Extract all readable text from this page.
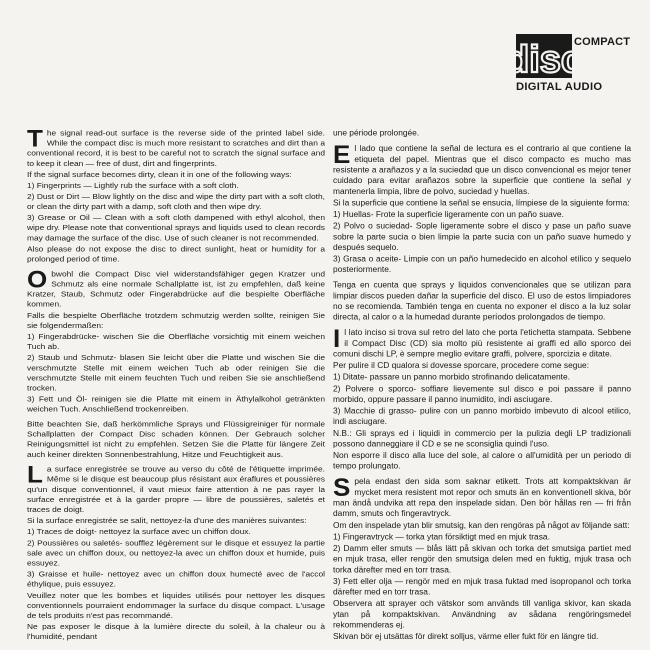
disc
COMPACT
DIGITAL AUDIO

The signal read-out surface is the reverse side of the printed label side. While the compact disc is much more resistant to scratches and dirt than a conventional record, it is best to be careful not to scratch the signal surface and to keep it clean — free of dust, dirt and fingerprints.

If the signal surface becomes dirty, clean it in one of the following ways:

1) Fingerprints — Lightly rub the surface with a soft cloth.

2) Dust or Dirt — Blow lightly on the disc and wipe the dirty part with a soft cloth, or clean the dirty part with a damp, soft cloth and then wipe dry.

3) Grease or Oil — Clean with a soft cloth dampened with ethyl alcohol, then wipe dry. Please note that conventional sprays and liquids used to clean records may damage the surface of the disc. Use of such cleaner is not recommended.

Also please do not expose the disc to direct sunlight, heat or humidity for a prolonged period of time.

Obwohl die Compact Disc viel widerstandsfähiger gegen Kratzer und Schmutz als eine normale Schallplatte ist, ist zu empfehlen, daß keine Kratzer, Staub, Schmutz oder Fingerabdrücke auf die bespielte Oberfläche kommen.

Falls die bespielte Oberfläche trotzdem schmutzig werden sollte, reinigen Sie sie folgendermaßen:

1) Fingerabdrücke- wischen Sie die Oberfläche vorsichtig mit einem weichen Tuch ab.

2) Staub und Schmutz- blasen Sie leicht über die Platte und wischen Sie die verschmutzte Stelle mit einem weichen Tuch ab oder reinigen Sie die verschmutzte Stelle mit einem feuchten Tuch und reiben Sie sie anschließend trocken.

3) Fett und Öl- reinigen sie die Platte mit einem in Äthylalkohol getränkten weichen Tuch. Anschließend trockenreiben.

Bitte beachten Sie, daß herkömmliche Sprays und Flüssigreiniger für normale Schallplatten der Compact Disc schaden können. Der Gebrauch solcher Reinigungsmittel ist nicht zu empfehlen. Setzen Sie die Platte für längere Zeit auch keiner direkten Sonnenbestrahlung, Hitze und Feuchtigkeit aus.

La surface enregistrée se trouve au verso du côté de l'étiquette imprimée. Même si le disque est beaucoup plus résistant aux éraflures et poussières qu'un disque conventionnel, il vaut mieux faire attention à ne pas rayer la surface enregistrée et à la garder propre — libre de poussières, saletés et traces de doigt.

Si la surface enregistrée se salit, nettoyez-la d'une des manières suivantes:

1) Traces de doigt- nettoyez la surface avec un chiffon doux.

2) Poussières ou saletés- soufflez légèrement sur le disque et essuyez la partie sale avec un chiffon doux, ou nettoyez-la avec un chiffon doux et humide, puis essuyez.

3) Graisse et huile- nettoyez avec un chiffon doux humecté avec de l'accol éthylique, puis essuyez.

Veuillez noter que les bombes et liquides utilisés pour nettoyer les disques conventionnels pourraient endommager la surface du disque compact. L'usage de tels produits n'est pas recommandé.

Ne pas exposer le disque à la lumière directe du soleil, à la chaleur ou à l'humidité, pendant

une période prolongée.

El lado que contiene la señal de lectura es el contrario al que contiene la etiqueta del papel. Mientras que el disco compacto es mucho mas resistente a arañazos y a la suciedad que un disco convencional es mejor tener cuidado para evitar arañazos sobre la superficie que contiene la señal y mantenerla limpia, libre de polvo, suciedad y huellas.

Si la superficie que contiene la señal se ensucia, límpiese de la siguiente forma:

1) Huellas- Frote la superficie ligeramente con un paño suave.

2) Polvo o suciedad- Sople ligeramente sobre el disco y pase un paño suave sobre la parte sucia o bien limpie la parte sucia con un paño suave humedo y después sequelo.

3) Grasa o aceite- Limpie con un paño humedecido en alcohol etílico y sequelo posteriormente.

Tenga en cuenta que sprays y liquidos convencionales que se utilizan para limpiar discos pueden dañar la superficie del disco. El uso de estos limpiadores no se recomienda. También tenga en cuenta no exponer el disco a la luz solar directa, al calor o a la humedad durante períodos prolongados de tiempo.

Il lato inciso si trova sul retro del lato che porta l'etichetta stampata. Sebbene il Compact Disc (CD) sia molto più resistente ai graffi ed allo sporco dei comuni dischi LP, è sempre meglio evitare graffi, polvere, sporcizia e ditate.

Per pulire il CD qualora si dovesse sporcare, procedere come segue:

1) Ditate- passare un panno morbido strofinando delicatamente.

2) Polvere o sporco- soffiare lievemente sul disco e poi passare il panno morbido, oppure passare il panno inumidito, indi asciugare.

3) Macchie di grasso- pulire con un panno morbido imbevuto di alcool etilico, indi asciugare.

N.B.: Gli sprays ed i liquidi in commercio per la pulizia degli LP tradizionali possono danneggiare il CD e se ne sconsiglia quindi l'uso.

Non esporre il disco alla luce del sole, al calore o all'umidità per un periodo di tempo prolungato.

Spela endast den sida som saknar etikett. Trots att kompaktskivan är mycket mera resistent mot repor och smuts än en konventionell skiva, bör man ändå undvika att repa den inspelade sidan. Den bör hållas ren — fri från damm, smuts och fingeravtryck.

Om den inspelade ytan blir smutsig, kan den rengöras på något av följande satt:

1) Fingeravtryck — torka ytan försiktigt med en mjuk trasa.

2) Damm eller smuts — blås lätt på skivan och torka det smutsiga partiet med en mjuk trasa, eller rengör den smutsiga delen med en fuktig, mjuk trasa och torka därefter med en torr trasa.

3) Fett eller olja — rengör med en mjuk trasa fuktad med isopropanol och torka därefter med en torr trasa.

Observera att sprayer och vätskor som används till vanliga skivor, kan skada ytan på kompaktskivan. Användning av sådana rengöringsmedel rekommenderas ej.

Skivan bör ej utsättas för direkt solljus, värme eller fukt för en längre tid.
